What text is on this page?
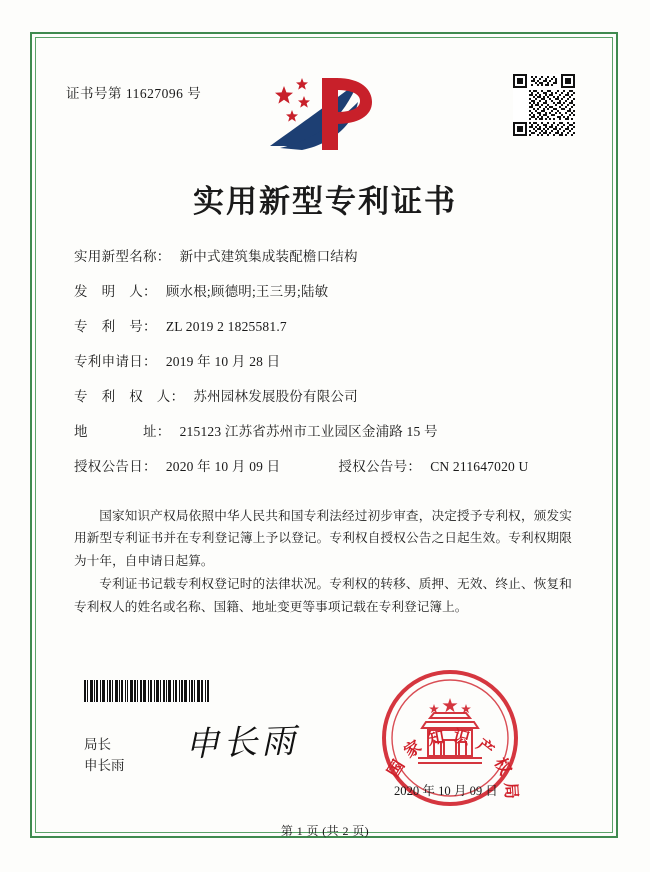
证书号第 11627096 号
实用新型专利证书
实用新型名称： 新中式建筑集成装配檐口结构
发　明　人： 顾水根;顾德明;王三男;陆敏
专　利　号： ZL 2019 2 1825581.7
专利申请日： 2019 年 10 月 28 日
专　利　权　人： 苏州园林发展股份有限公司
地　　　　址： 215123 江苏省苏州市工业园区金浦路 15 号
授权公告日： 2020 年 10 月 09 日	授权公告号： CN 211647020 U

国家知识产权局依照中华人民共和国专利法经过初步审查，决定授予专利权，颁发实用新型专利证书并在专利登记簿上予以登记。专利权自授权公告之日起生效。专利权期限为十年，自申请日起算。

专利证书记载专利权登记时的法律状况。专利权的转移、质押、无效、终止、恢复和专利权人的姓名或名称、国籍、地址变更等事项记载在专利登记簿上。

局长
申长雨
申长雨
国家知识产权局
2020 年 10 月 09 日
第 1 页 (共 2 页)
